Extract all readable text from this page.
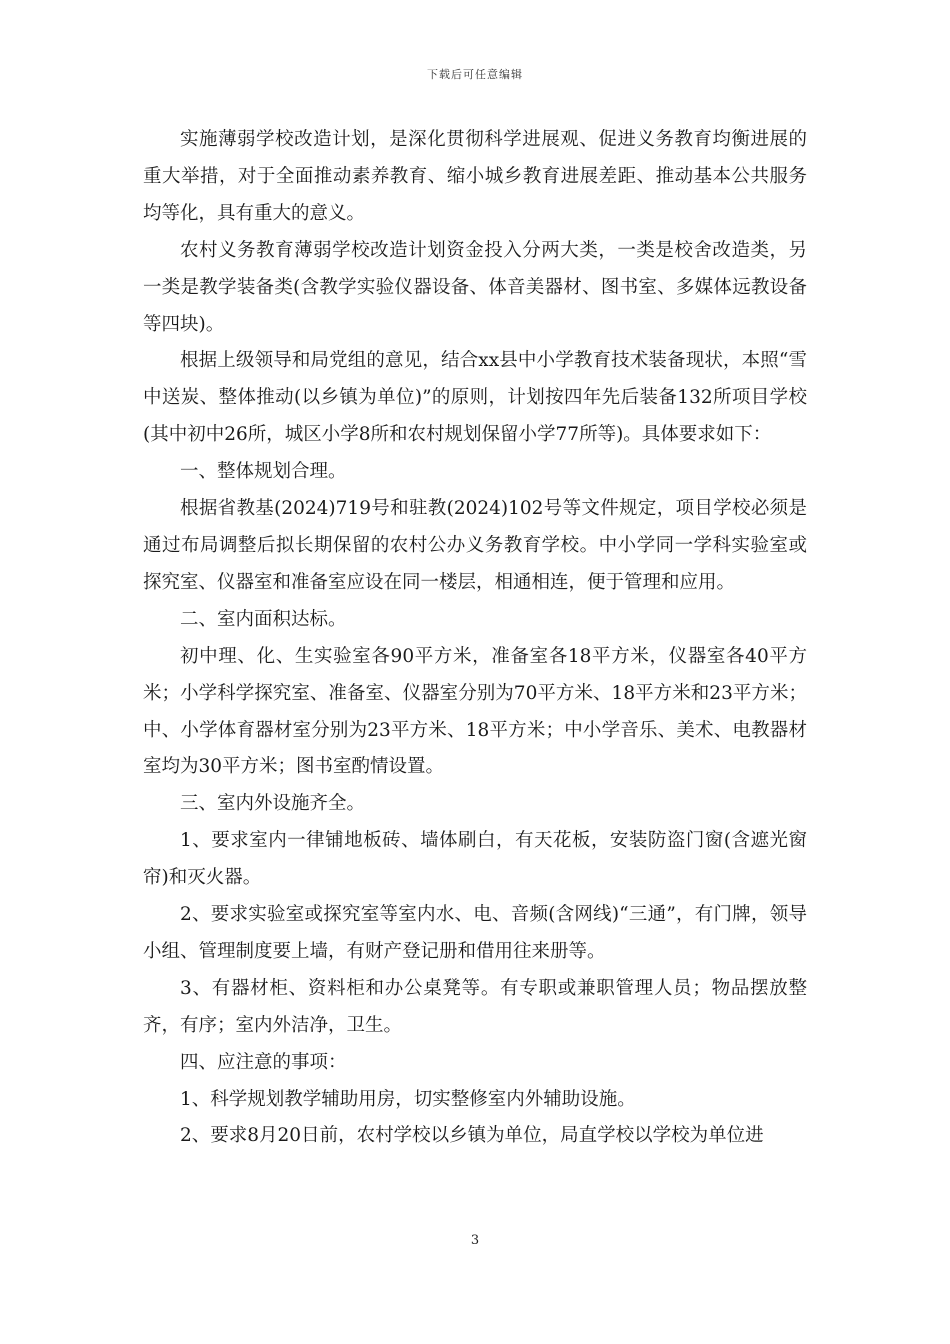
下载后可任意编辑

实施薄弱学校改造计划，是深化贯彻科学进展观、促进义务教育均衡进展的重大举措，对于全面推动素养教育、缩小城乡教育进展差距、推动基本公共服务均等化，具有重大的意义。

农村义务教育薄弱学校改造计划资金投入分两大类，一类是校舍改造类，另一类是教学装备类(含教学实验仪器设备、体音美器材、图书室、多媒体远教设备等四块)。

根据上级领导和局党组的意见，结合xx县中小学教育技术装备现状，本照“雪中送炭、整体推动(以乡镇为单位)”的原则，计划按四年先后装备132所项目学校(其中初中26所，城区小学8所和农村规划保留小学77所等)。具体要求如下：

一、整体规划合理。

根据省教基(2024)719号和驻教(2024)102号等文件规定，项目学校必须是通过布局调整后拟长期保留的农村公办义务教育学校。中小学同一学科实验室或探究室、仪器室和准备室应设在同一楼层，相通相连，便于管理和应用。

二、室内面积达标。

初中理、化、生实验室各90平方米，准备室各18平方米，仪器室各40平方米；小学科学探究室、准备室、仪器室分别为70平方米、18平方米和23平方米；中、小学体育器材室分别为23平方米、18平方米；中小学音乐、美术、电教器材室均为30平方米；图书室酌情设置。

三、室内外设施齐全。

1、要求室内一律铺地板砖、墙体刷白，有天花板，安装防盗门窗(含遮光窗帘)和灭火器。

2、要求实验室或探究室等室内水、电、音频(含网线)“三通”，有门牌，领导小组、管理制度要上墙，有财产登记册和借用往来册等。

3、有器材柜、资料柜和办公桌凳等。有专职或兼职管理人员；物品摆放整齐，有序；室内外洁净，卫生。

四、应注意的事项：

1、科学规划教学辅助用房，切实整修室内外辅助设施。

2、要求8月20日前，农村学校以乡镇为单位，局直学校以学校为单位进

3
